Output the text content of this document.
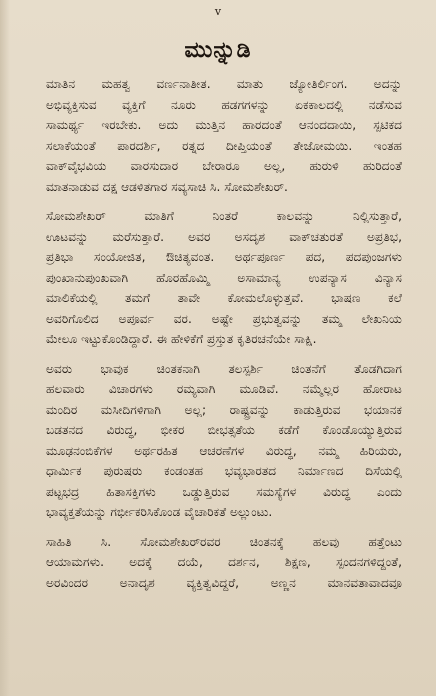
v
ಮುನ್ನುಡಿ

ಮಾತಿನ ಮಹತ್ವ ವರ್ಣನಾತೀತ. ಮಾತು ಜ್ಯೋತಿರ್ಲಿಂಗ. ಅದನ್ನು
ಅಭಿವ್ಯಕ್ತಿಸುವ ವ್ಯಕ್ತಿಗೆ ನೂರು ಹಡಗಗಳನ್ನು ಏಕಕಾಲದಲ್ಲಿ ನಡೆಸುವ
ಸಾಮರ್ಥ್ಯ ಇರಬೇಕು. ಅದು ಮುತ್ತಿನ ಹಾರದಂತೆ ಆನಂದದಾಯಿ, ಸ್ಪಟಿಕದ
ಸಲಾಕೆಯಂತೆ ಪಾರದರ್ಶಿ, ರತ್ನದ ದೀಪ್ತಿಯಂತೆ ತೇಜೋಮಯಿ. ಇಂತಹ
ವಾಕ್‌ವೈಭವಿಯ ವಾರಸುದಾರ ಬೇರಾರೂ ಅಲ್ಲ, ಹುರುಳಿ ಹುರಿದಂತೆ
ಮಾತನಾಡುವ ದಕ್ಷ ಆಡಳಿತಗಾರ ಸವ್ಯಸಾಚಿ ಸಿ. ಸೋಮಶೇಖರ್.

ಸೋಮಶೇಖರ್ ಮಾತಿಗೆ ನಿಂತರೆ ಕಾಲವನ್ನು ನಿಲ್ಲಿಸುತ್ತಾರೆ,
ಊಟವನ್ನು ಮರೆಸುತ್ತಾರೆ. ಅವರ ಅಸದೃಶ ವಾಕ್‌ಚತುರತೆ ಅಪ್ರತಿಭ,
ಪ್ರತಿಭಾ ಸಂಯೋಜಿತ, ಔಚಿತ್ಯವಂತ. ಅರ್ಥಪೂರ್ಣ ಪದ, ಪದಪುಂಜಗಳು
ಪುಂಖಾನುಪುಂಖವಾಗಿ ಹೊರಹೊಮ್ಮಿ ಅಸಾಮಾನ್ಯ ಉಪನ್ಯಾಸ ವಿನ್ಯಾಸ
ಮಾಲಿಕೆಯಲ್ಲಿ ತಮಗೆ ತಾವೇ ಕೋಮಲೊಳ್ಳುತ್ತವೆ. ಭಾಷಣ ಕಲೆ
ಅವರಿಗೊಲಿದ ಅಪೂರ್ವ ವರ. ಅಷ್ಟೇ ಪ್ರಭುತ್ವವನ್ನು ತಮ್ಮ ಲೇಖನಿಯ
ಮೇಲೂ ಇಟ್ಟುಕೊಂಡಿದ್ದಾರೆ. ಈ ಹೇಳಿಕೆಗೆ ಪ್ರಸ್ತುತ ಕೃತಿರಚನೆಯೇ ಸಾಕ್ಷಿ.

ಅವರು ಭಾವುಕ ಚಿಂತಕನಾಗಿ ತಲಸ್ಪರ್ಶಿ ಚಿಂತನೆಗೆ ತೊಡಗಿದಾಗ
ಹಲವಾರು ವಿಚಾರಗಳು ರಮ್ಯವಾಗಿ ಮೂಡಿವೆ. ನಮ್ಮೆಲ್ಲರ ಹೋರಾಟ
ಮಂದಿರ ಮಸೀದಿಗಳಿಗಾಗಿ ಅಲ್ಲ; ರಾಷ್ಟ್ರವನ್ನು ಕಾಡುತ್ತಿರುವ ಭಯಾನಕ
ಬಡತನದ ವಿರುದ್ಧ, ಭೀಕರ ಬೀಭತ್ಸತೆಯ ಕಡೆಗೆ ಕೊಂಡೊಯ್ಯುತ್ತಿರುವ
ಮೂಢನಂಬಿಕೆಗಳ ಅರ್ಥರಹಿತ ಆಚರಣೆಗಳ ವಿರುದ್ಧ, ನಮ್ಮ ಹಿರಿಯರು,
ಧಾರ್ಮಿಕ ಪುರುಷರು ಕಂಡಂತಹ ಭವ್ಯಭಾರತದ ನಿರ್ಮಾಣದ ದಿಸೆಯಲ್ಲಿ
ಪಟ್ಟಭದ್ರ ಹಿತಾಸಕ್ತಿಗಳು ಒಡ್ಡುತ್ತಿರುವ ಸಮಸ್ಯೆಗಳ ವಿರುದ್ಧ ಎಂದು
ಭಾವ್ಯಕ್ತತೆಯನ್ನು ಗರ್ಭೀಕರಿಸಿಕೊಂಡ ವೈಚಾರಿಕತೆ ಅಲ್ಲುಂಟು.

ಸಾಹಿತಿ ಸಿ. ಸೋಮಶೇಖರ್‌ರವರ ಚಿಂತನಕ್ಕೆ ಹಲವು ಹತ್ತೆಂಟು
ಆಯಾಮಗಳು. ಅದಕ್ಕೆ ದಯೆ, ದರ್ಶನ, ಶಿಕ್ಷಣ, ಸ್ಪಂದನಗಳಿದ್ದಂತೆ,
ಅರವಿಂದರ ಅನಾದೃಶ ವ್ಯಕ್ತಿತ್ವವಿದ್ದರೆ, ಅಣ್ಣನ ಮಾನವತಾವಾದವೂ
